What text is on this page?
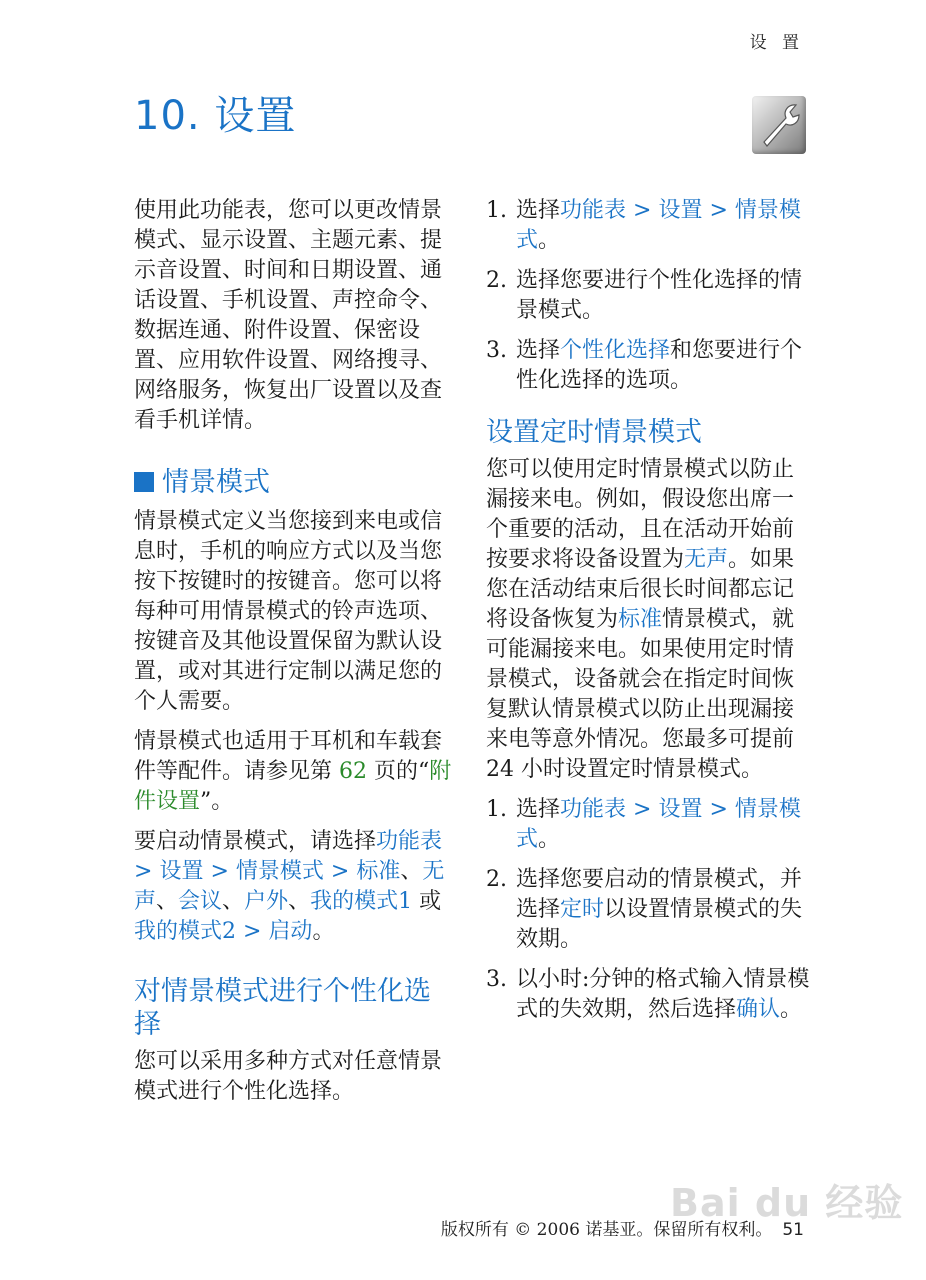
设 置
10. 设置

使用此功能表，您可以更改情景模式、显示设置、主题元素、提示音设置、时间和日期设置、通话设置、手机设置、声控命令、数据连通、附件设置、保密设置、应用软件设置、网络搜寻、网络服务，恢复出厂设置以及查看手机详情。

情景模式

情景模式定义当您接到来电或信息时，手机的响应方式以及当您按下按键时的按键音。您可以将每种可用情景模式的铃声选项、按键音及其他设置保留为默认设置，或对其进行定制以满足您的个人需要。

情景模式也适用于耳机和车载套件等配件。请参见第 62 页的“附件设置”。

要启动情景模式，请选择功能表 > 设置 > 情景模式 > 标准、无声、会议、户外、我的模式1 或我的模式2 > 启动。

对情景模式进行个性化选择

您可以采用多种方式对任意情景模式进行个性化选择。

1. 选择功能表 > 设置 > 情景模式。
2. 选择您要进行个性化选择的情景模式。
3. 选择个性化选择和您要进行个性化选择的选项。
设置定时情景模式

您可以使用定时情景模式以防止漏接来电。例如，假设您出席一个重要的活动，且在活动开始前按要求将设备设置为无声。如果您在活动结束后很长时间都忘记将设备恢复为标准情景模式，就可能漏接来电。如果使用定时情景模式，设备就会在指定时间恢复默认情景模式以防止出现漏接来电等意外情况。您最多可提前 24 小时设置定时情景模式。

1. 选择功能表 > 设置 > 情景模式。
2. 选择您要启动的情景模式，并选择定时以设置情景模式的失效期。
3. 以小时:分钟的格式输入情景模式的失效期，然后选择确认。
Bai du 经验
版权所有 © 2006 诺基亚。保留所有权利。 51
